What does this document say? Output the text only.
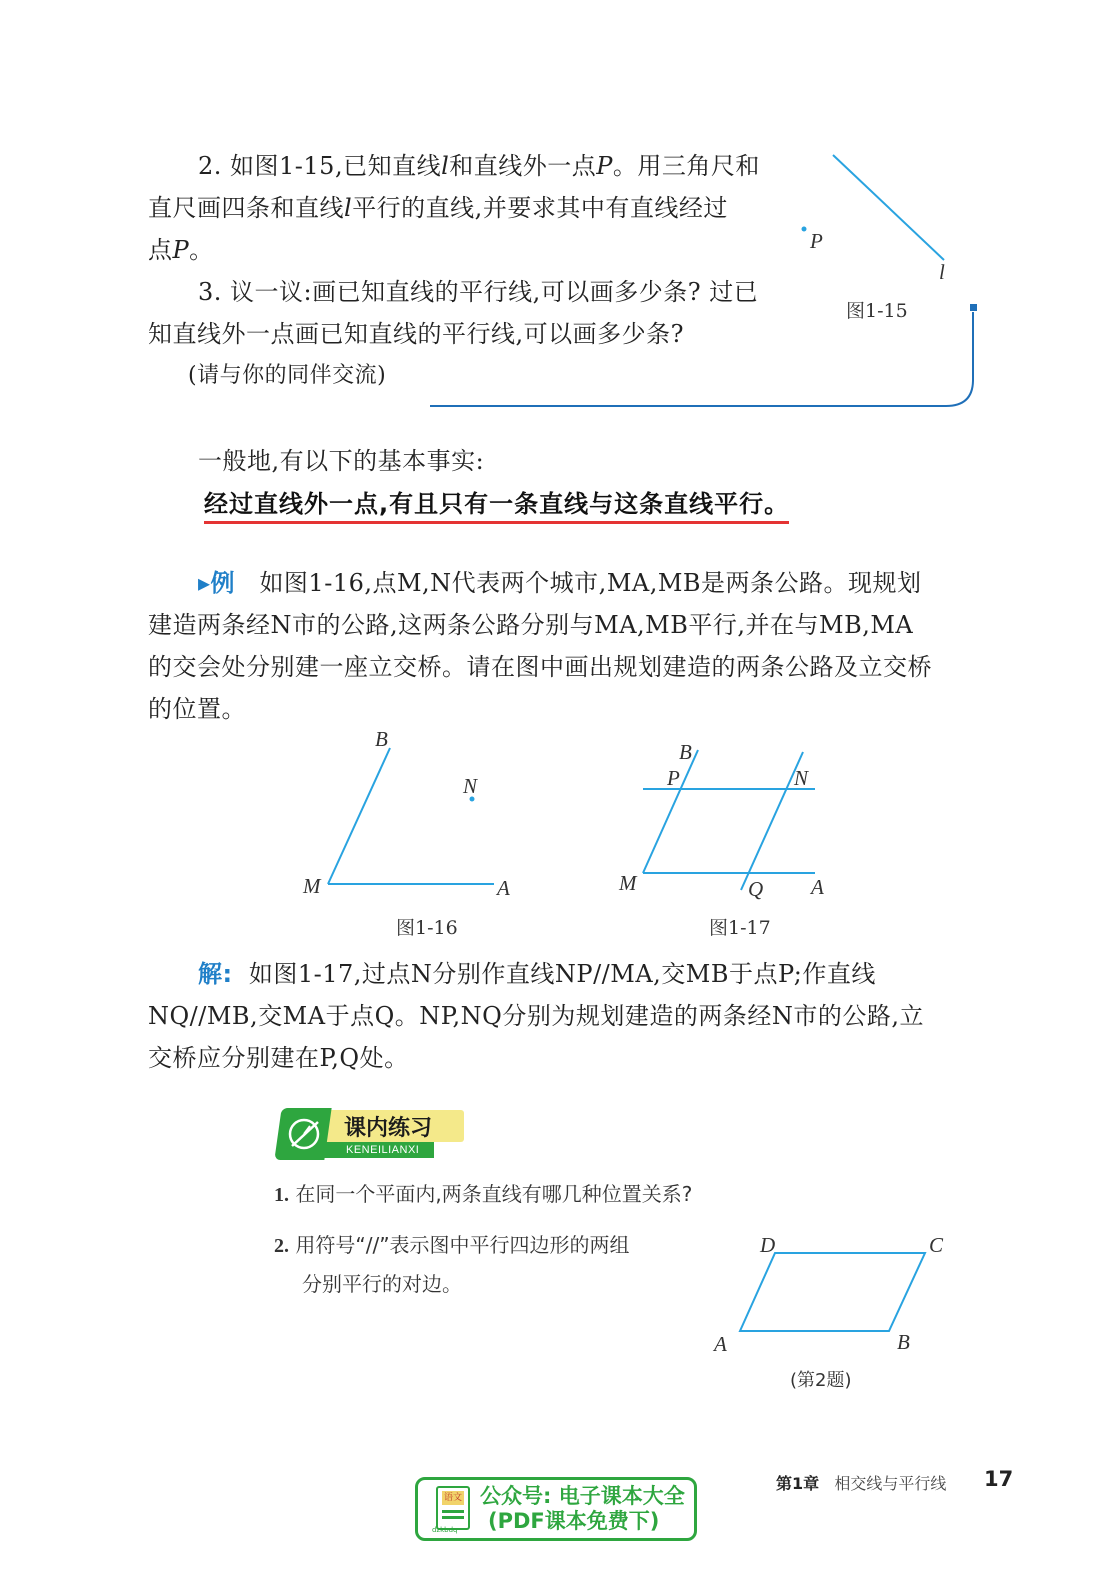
2. 如图1-15,已知直线l和直线外一点P。用三角尺和
直尺画四条和直线l平行的直线,并要求其中有直线经过
点P。
3. 议一议:画已知直线的平行线,可以画多少条? 过已
知直线外一点画已知直线的平行线,可以画多少条?
(请与你的同伴交流)
P
l
图1-15
一般地,有以下的基本事实:
经过直线外一点,有且只有一条直线与这条直线平行。
▸例 如图1-16,点M,N代表两个城市,MA,MB是两条公路。现规划
建造两条经N市的公路,这两条公路分别与MA,MB平行,并在与MB,MA
的交会处分别建一座立交桥。请在图中画出规划建造的两条公路及立交桥
的位置。
B
N
M	A
图1-16
B
P	N
M	Q A
图1-17
解: 如图1-17,过点N分别作直线NP//MA,交MB于点P;作直线
NQ//MB,交MA于点Q。NP,NQ分别为规划建造的两条经N市的公路,立
交桥应分别建在P,Q处。
课内练习
KENEILIANXI
1. 在同一个平面内,两条直线有哪几种位置关系?
2. 用符号“//”表示图中平行四边形的两组
分别平行的对边。
D	C
A	B
(第2题)
语文
dzkbdq
公众号: 电子课本大全
(PDF课本免费下)
第1章 相交线与平行线 17
